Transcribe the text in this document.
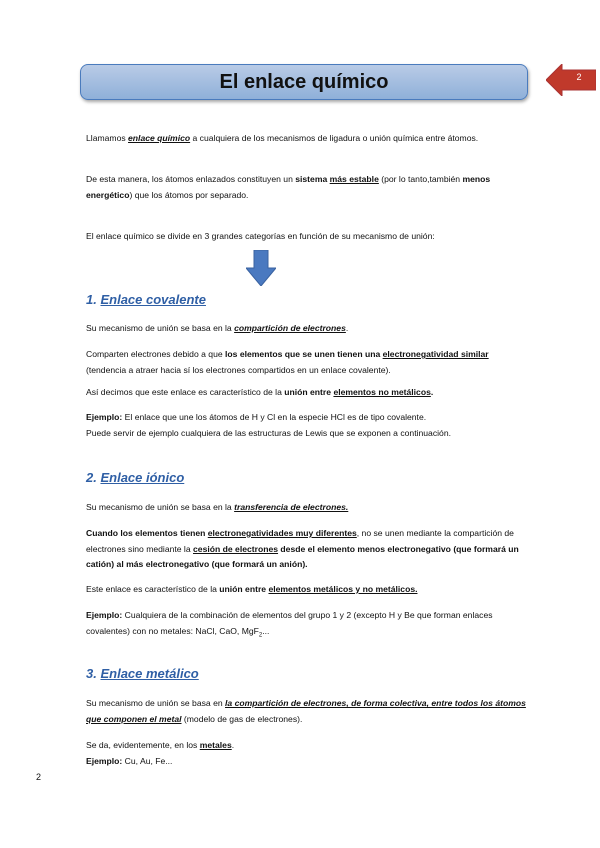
El enlace químico	2
Llamamos enlace químico a cualquiera de los mecanismos de ligadura o unión química entre átomos.
De esta manera, los átomos enlazados constituyen un sistema más estable (por lo tanto,también menos energético) que los átomos por separado.
El enlace químico se divide en 3 grandes categorías en función de su mecanismo de unión:
1. Enlace covalente
Su mecanismo de unión se basa en la compartición de electrones.
Comparten electrones debido a que los elementos que se unen tienen una electronegatividad similar (tendencia a atraer hacia sí los electrones compartidos en un enlace covalente).
Así decimos que este enlace es característico de la unión entre elementos no metálicos.
Ejemplo: El enlace que une los átomos de H y Cl en la especie HCl es de tipo covalente.
Puede servir de ejemplo cualquiera de las estructuras de Lewis que se exponen a continuación.
2. Enlace iónico
Su mecanismo de unión se basa en la transferencia de electrones.
Cuando los elementos tienen electronegatividades muy diferentes, no se unen mediante la compartición de electrones sino mediante la cesión de electrones desde el elemento menos electronegativo (que formará un catión) al más electronegativo (que formará un anión).
Este enlace es característico de la unión entre elementos metálicos y no metálicos.
Ejemplo: Cualquiera de la combinación de elementos del grupo 1 y 2 (excepto H y Be que forman enlaces covalentes) con no metales: NaCl, CaO, MgF$_2$...
3. Enlace metálico
Su mecanismo de unión se basa en la compartición de electrones, de forma colectiva, entre todos los átomos que componen el metal (modelo de gas de electrones).
Se da, evidentemente, en los metales.
Ejemplo: Cu, Au, Fe...
2
